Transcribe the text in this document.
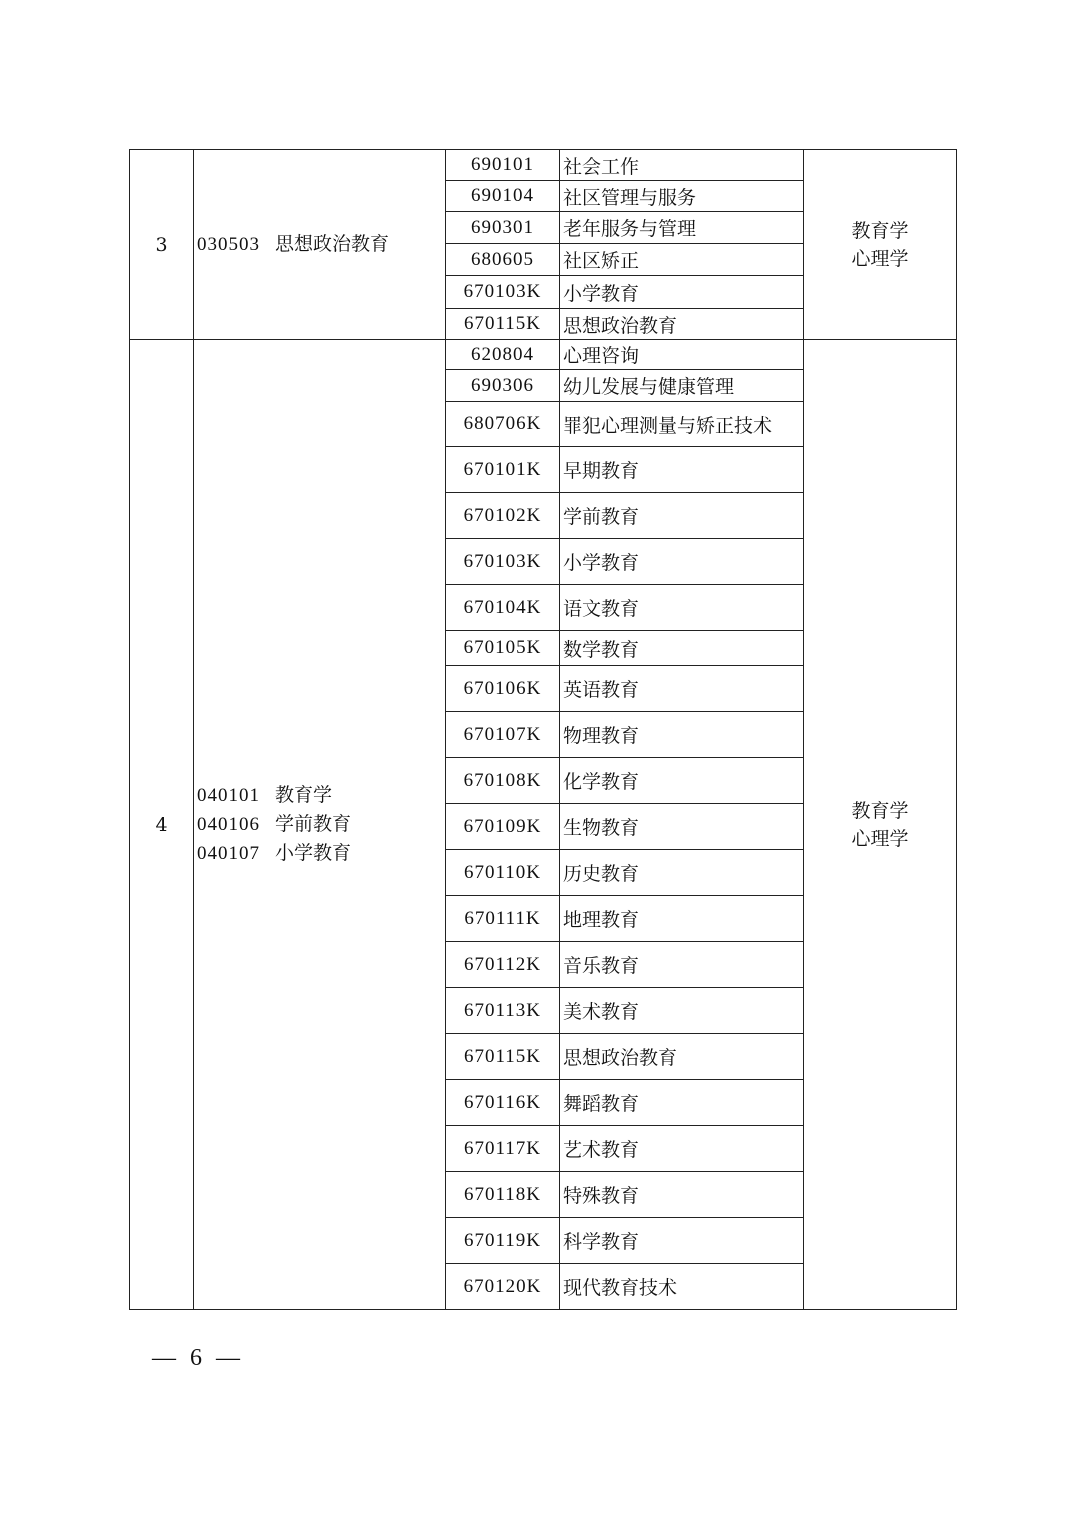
3	030503 思想政治教育	690101	社会工作	教育学
心理学

		690104	社区管理与服务	
		690301	老年服务与管理	
		680605	社区矫正	
		670103K	小学教育	
		670115K	思想政治教育	
4	040101 教育学
040106 学前教育
040107 小学教育	620804	心理咨询	教育学
心理学

		690306	幼儿发展与健康管理	
		680706K	罪犯心理测量与矫正技术	
		670101K	早期教育	
		670102K	学前教育	
		670103K	小学教育	
		670104K	语文教育	
		670105K	数学教育	
		670106K	英语教育	
		670107K	物理教育	
		670108K	化学教育	
		670109K	生物教育	
		670110K	历史教育	
		670111K	地理教育	
		670112K	音乐教育	
		670113K	美术教育	
		670115K	思想政治教育	
		670116K	舞蹈教育	
		670117K	艺术教育	
		670118K	特殊教育	
		670119K	科学教育	
		670120K	现代教育技术	
— 6 —
